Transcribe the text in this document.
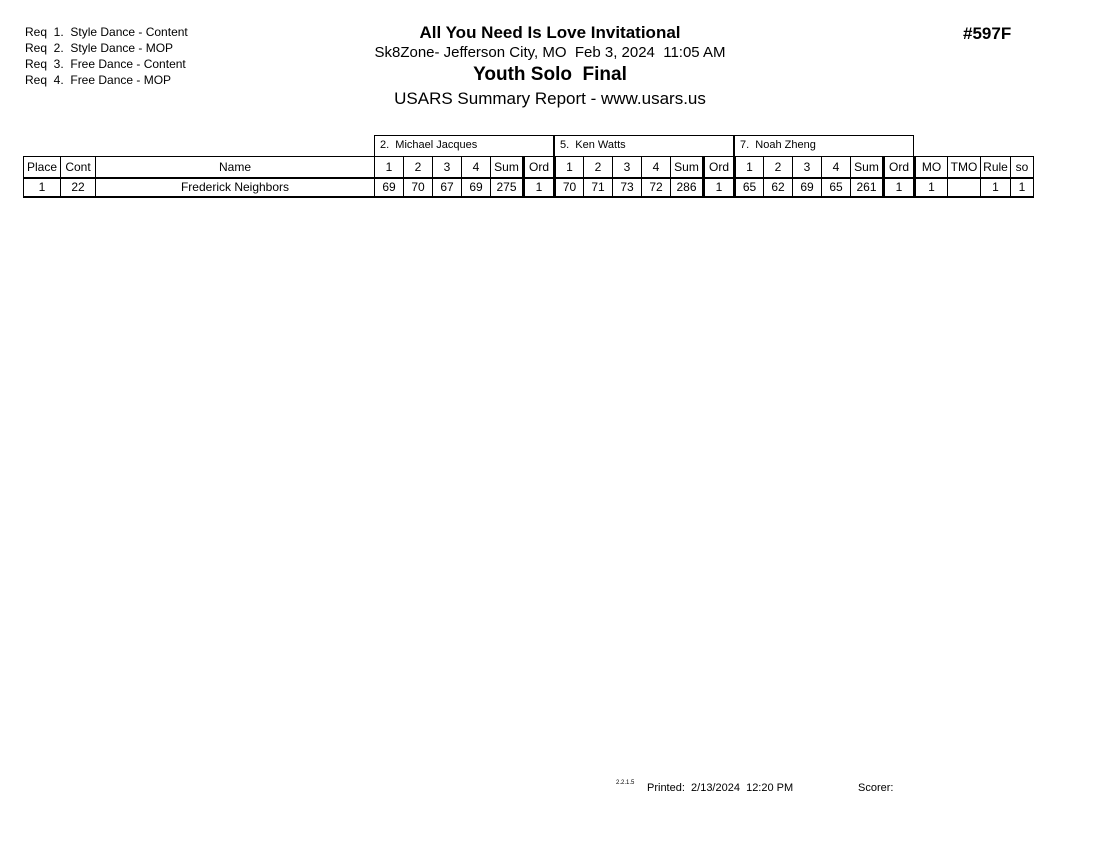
Req  1.  Style Dance - Content
Req  2.  Style Dance - MOP
Req  3.  Free Dance - Content
Req  4.  Free Dance - MOP
All You Need Is Love Invitational
Sk8Zone- Jefferson City, MO  Feb 3, 2024  11:05 AM
Youth Solo  Final
USARS Summary Report - www.usars.us
#597F
2.  Michael Jacques	5.  Ken Watts	7.  Noah Zheng
Place	Cont	Name	1	2	3	4	Sum	Ord	1	2	3	4	Sum	Ord	1	2	3	4	Sum	Ord	MO	TMO	Rule	so
1	22	Frederick Neighbors	69	70	67	69	275	1	70	71	73	72	286	1	65	62	69	65	261	1	1		1	1
2.2.1.5 Printed:  2/13/2024  12:20 PM	Scorer:
